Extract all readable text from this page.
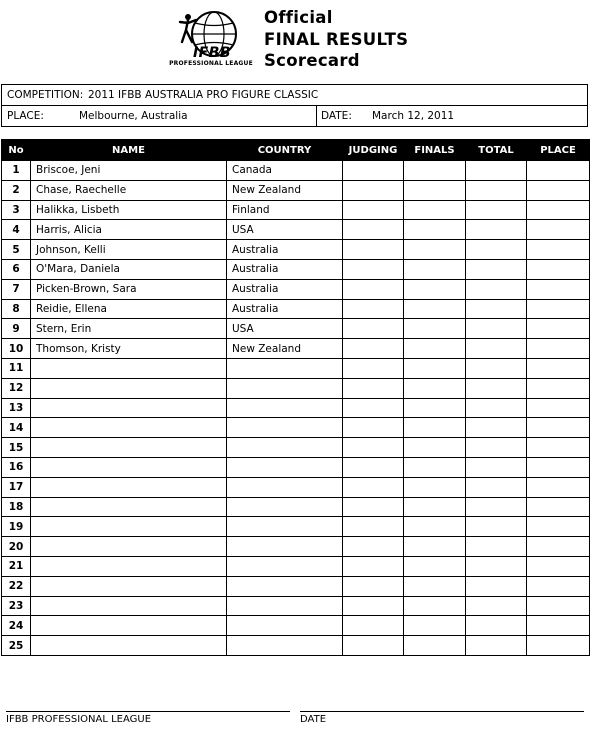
IFBB
PROFESSIONAL LEAGUE
Official
FINAL RESULTS
Scorecard
COMPETITION: 2011 IFBB AUSTRALIA PRO FIGURE CLASSIC
PLACE:	Melbourne, Australia	DATE: March 12, 2011
No	NAME	COUNTRY	JUDGING	FINALS	TOTAL	PLACE
1	Briscoe, Jeni	Canada				
2	Chase, Raechelle	New Zealand				
3	Halikka, Lisbeth	Finland				
4	Harris, Alicia	USA				
5	Johnson, Kelli	Australia				
6	O'Mara, Daniela	Australia				
7	Picken-Brown, Sara	Australia				
8	Reidie, Ellena	Australia				
9	Stern, Erin	USA				
10	Thomson, Kristy	New Zealand				
11						
12						
13						
14						
15						
16						
17						
18						
19						
20						
21						
22						
23						
24						
25						
IFBB PROFESSIONAL LEAGUE	DATE
